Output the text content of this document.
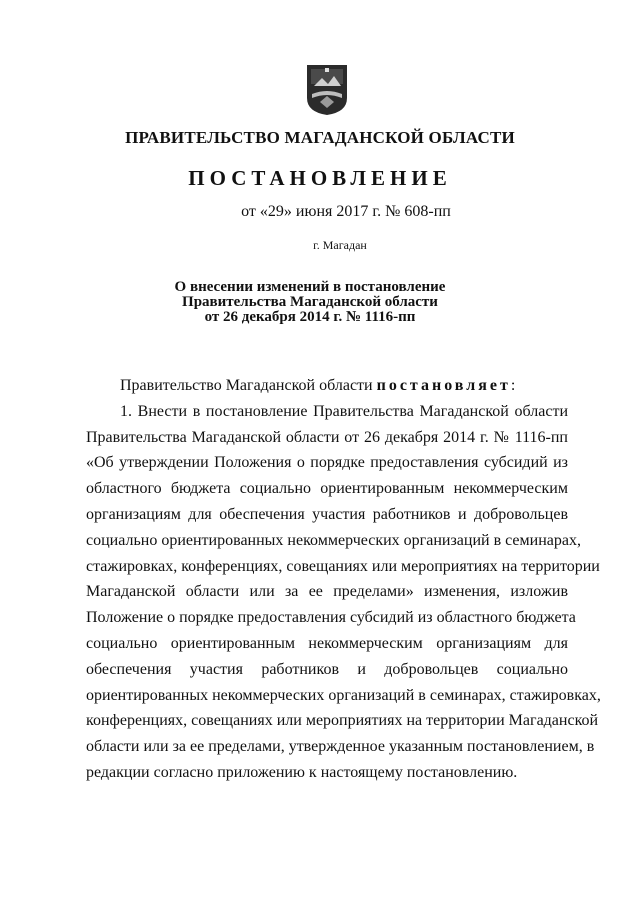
ПРАВИТЕЛЬСТВО МАГАДАНСКОЙ ОБЛАСТИ
ПОСТАНОВЛЕНИЕ
от «29» июня 2017 г. № 608-пп
г. Магадан
О внесении изменений в постановление
Правительства Магаданской области
от 26 декабря 2014 г. № 1116-пп
Правительство Магаданской области постановляет:
1. Внести в постановление Правительства Магаданской области
Правительства Магаданской области от 26 декабря 2014 г. № 1116-пп
«Об утверждении Положения о порядке предоставления субсидий из
областного бюджета социально ориентированным некоммерческим
организациям для обеспечения участия работников и добровольцев
социально ориентированных некоммерческих организаций в семинарах,
стажировках, конференциях, совещаниях или мероприятиях на территории
Магаданской области или за ее пределами» изменения, изложив
Положение о порядке предоставления субсидий из областного бюджета
социально ориентированным некоммерческим организациям для
обеспечения участия работников и добровольцев социально
ориентированных некоммерческих организаций в семинарах, стажировках,
конференциях, совещаниях или мероприятиях на территории Магаданской
области или за ее пределами, утвержденное указанным постановлением, в
редакции согласно приложению к настоящему постановлению.
